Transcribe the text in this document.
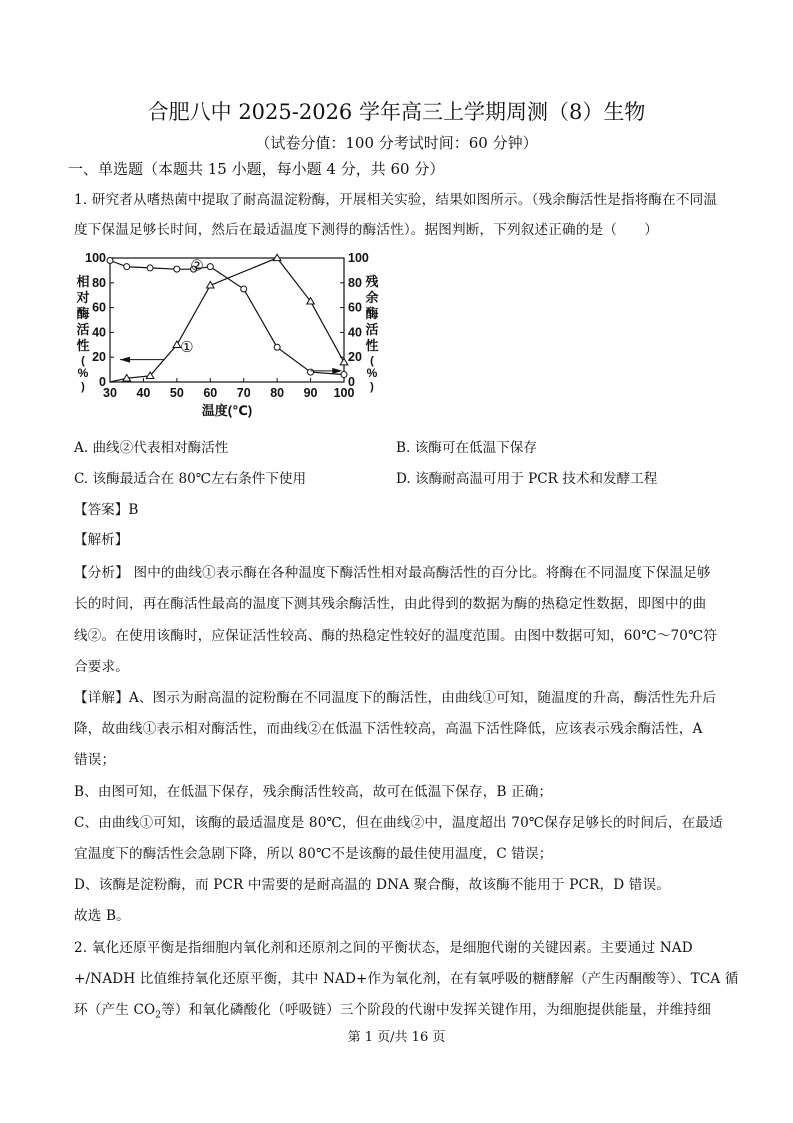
合肥八中 2025-2026 学年高三上学期周测（8）生物
（试卷分值：100 分考试时间：60 分钟）
一、单选题（本题共 15 小题，每小题 4 分，共 60 分）
1. 研究者从嗜热菌中提取了耐高温淀粉酶，开展相关实验，结果如图所示。（残余酶活性是指将酶在不同温
度下保温足够长时间，然后在最适温度下测得的酶活性）。据图判断，下列叙述正确的是（　　）
30 40 50 60 70 80 90 100
0	0
20	20
40	40
60	60
80	80
100	100
温度(℃)
相
对
酶
活
性
(
%
)
残
余
酶
活
性
(
%
)
①
②
A. 曲线②代表相对酶活性	B. 该酶可在低温下保存
C. 该酶最适合在 80℃左右条件下使用	D. 该酶耐高温可用于 PCR 技术和发酵工程
【答案】B
【解析】
【分析】 图中的曲线①表示酶在各种温度下酶活性相对最高酶活性的百分比。将酶在不同温度下保温足够
长的时间，再在酶活性最高的温度下测其残余酶活性，由此得到的数据为酶的热稳定性数据，即图中的曲
线②。在使用该酶时，应保证活性较高、酶的热稳定性较好的温度范围。由图中数据可知，60℃～70℃符
合要求。
【详解】A、图示为耐高温的淀粉酶在不同温度下的酶活性，由曲线①可知，随温度的升高，酶活性先升后
降，故曲线①表示相对酶活性，而曲线②在低温下活性较高，高温下活性降低，应该表示残余酶活性，A
错误；
B、由图可知，在低温下保存，残余酶活性较高，故可在低温下保存，B 正确；
C、由曲线①可知，该酶的最适温度是 80℃，但在曲线②中，温度超出 70℃保存足够长的时间后，在最适
宜温度下的酶活性会急剧下降，所以 80℃不是该酶的最佳使用温度，C 错误；
D、该酶是淀粉酶，而 PCR 中需要的是耐高温的 DNA 聚合酶，故该酶不能用于 PCR，D 错误。
故选 B。
2. 氧化还原平衡是指细胞内氧化剂和还原剂之间的平衡状态，是细胞代谢的关键因素。主要通过 NAD
+/NADH 比值维持氧化还原平衡，其中 NAD+作为氧化剂，在有氧呼吸的糖酵解（产生丙酮酸等）、TCA 循
环（产生 $CO_2$等）和氧化磷酸化（呼吸链）三个阶段的代谢中发挥关键作用，为细胞提供能量，并维持细
第 1 页/共 16 页
